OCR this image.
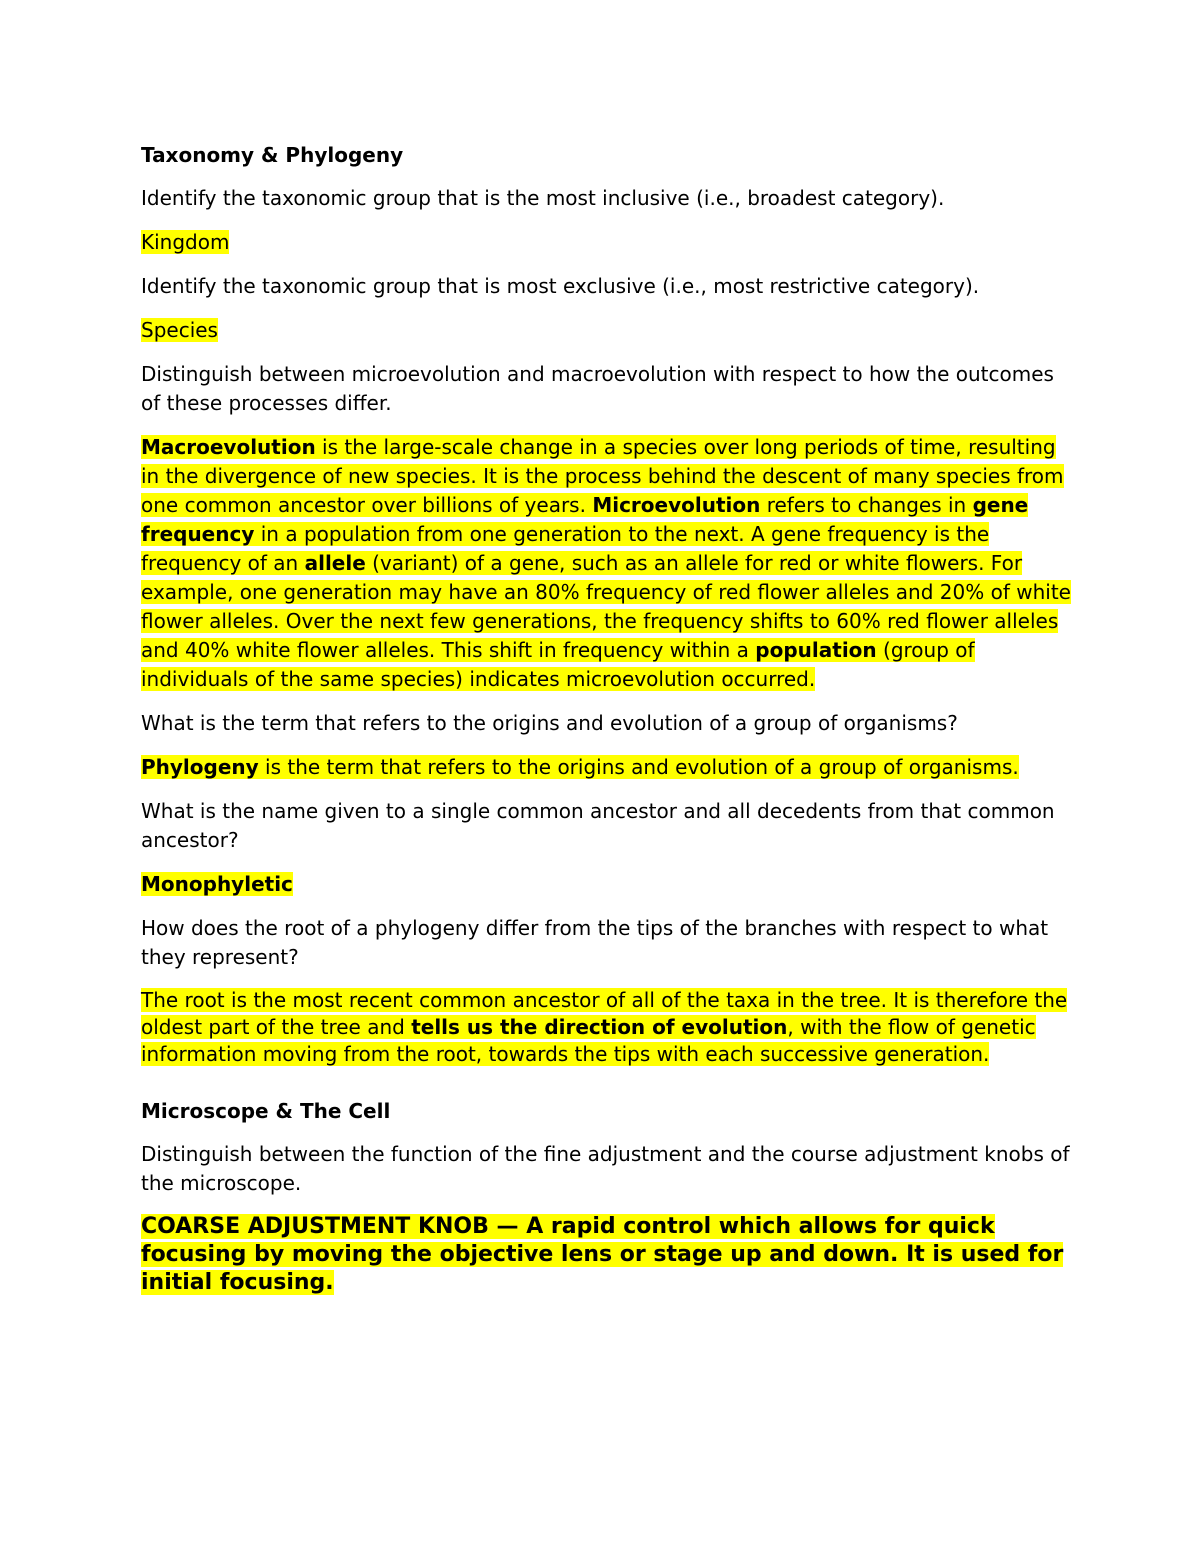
Taxonomy & Phylogeny
Identify the taxonomic group that is the most inclusive (i.e., broadest category).
Kingdom
Identify the taxonomic group that is most exclusive (i.e., most restrictive category).
Species
Distinguish between microevolution and macroevolution with respect to how the outcomes of these processes differ.
Macroevolution is the large-scale change in a species over long periods of time, resulting in the divergence of new species. It is the process behind the descent of many species from one common ancestor over billions of years. Microevolution refers to changes in gene frequency in a population from one generation to the next. A gene frequency is the frequency of an allele (variant) of a gene, such as an allele for red or white flowers. For example, one generation may have an 80% frequency of red flower alleles and 20% of white flower alleles. Over the next few generations, the frequency shifts to 60% red flower alleles and 40% white flower alleles. This shift in frequency within a population (group of individuals of the same species) indicates microevolution occurred.
What is the term that refers to the origins and evolution of a group of organisms?
Phylogeny is the term that refers to the origins and evolution of a group of organisms.
What is the name given to a single common ancestor and all decedents from that common ancestor?
Monophyletic
How does the root of a phylogeny differ from the tips of the branches with respect to what they represent?
The root is the most recent common ancestor of all of the taxa in the tree. It is therefore the oldest part of the tree and tells us the direction of evolution, with the flow of genetic information moving from the root, towards the tips with each successive generation.
Microscope & The Cell
Distinguish between the function of the fine adjustment and the course adjustment knobs of the microscope.
COARSE ADJUSTMENT KNOB — A rapid control which allows for quick focusing by moving the objective lens or stage up and down. It is used for initial focusing.
